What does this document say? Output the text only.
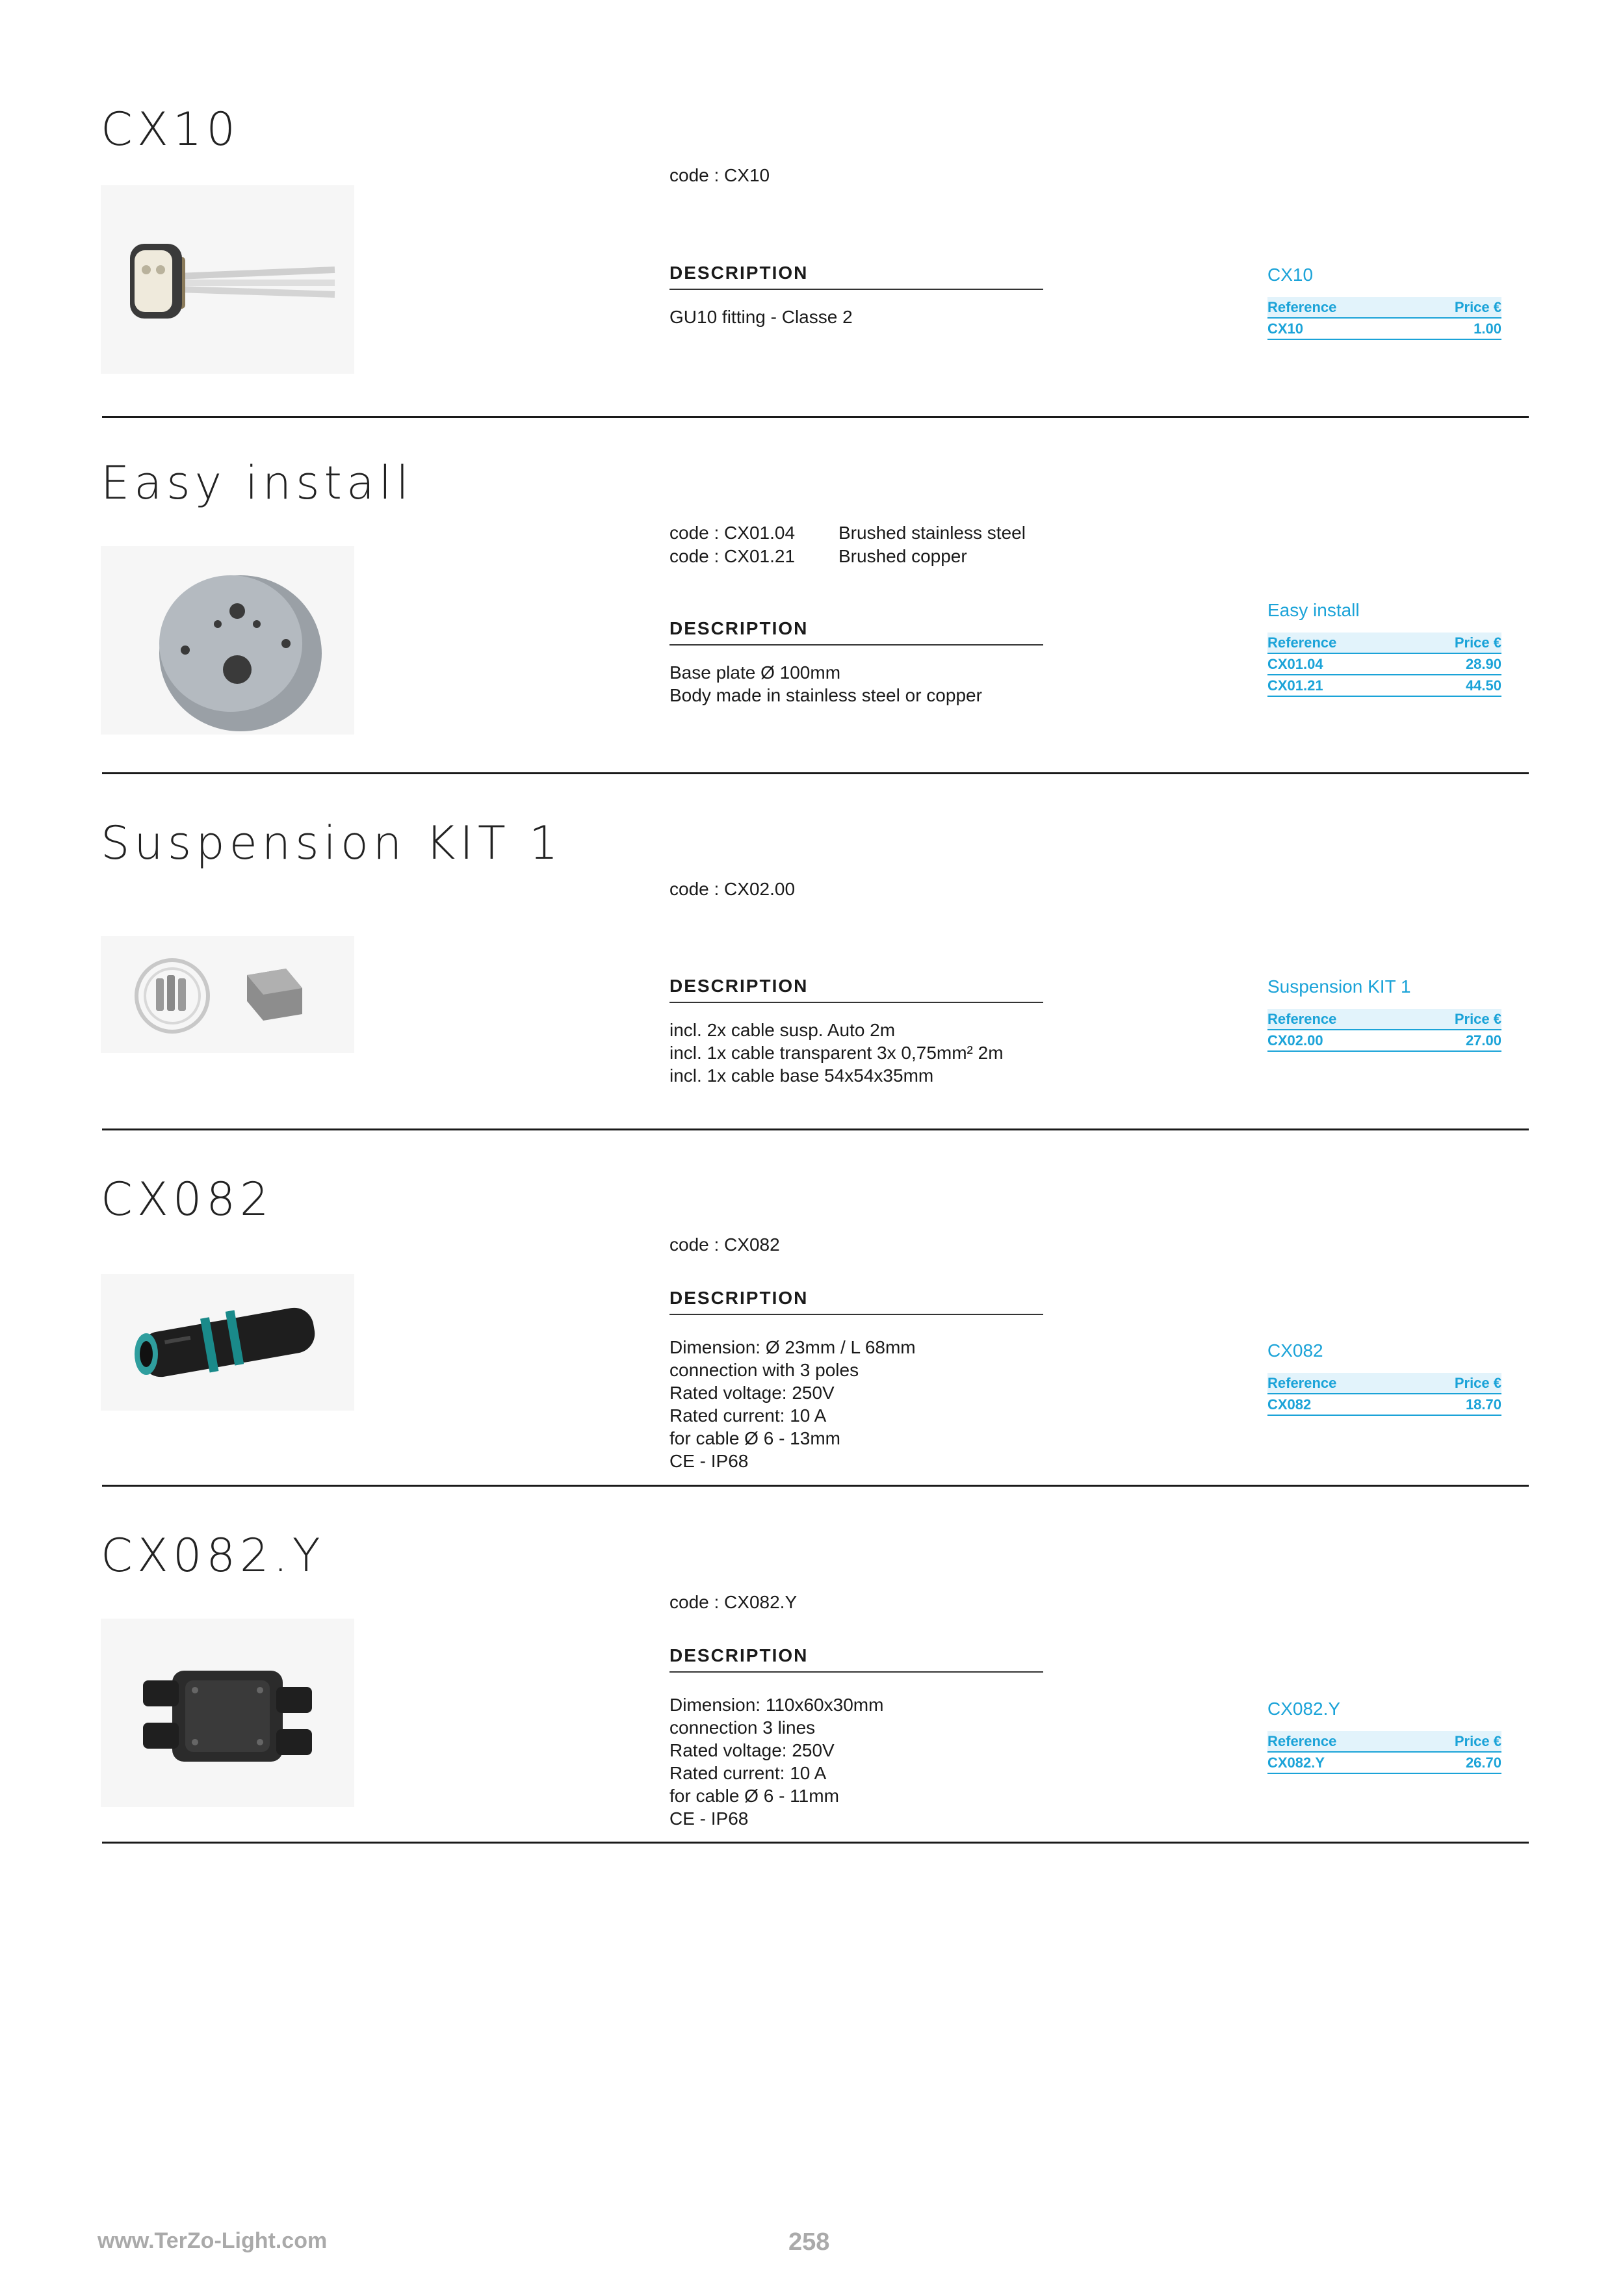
CX10
code : CX10
DESCRIPTION
GU10 fitting - Classe 2
CX10
Reference	Price €
CX10	1.00
Easy install
code : CX01.04	Brushed stainless steel
code : CX01.21	Brushed copper
DESCRIPTION
Base plate Ø 100mm
Body made in stainless steel or copper
Easy install
Reference	Price €
CX01.04	28.90
CX01.21	44.50
Suspension KIT 1
code : CX02.00
DESCRIPTION
incl. 2x cable susp. Auto 2m
incl. 1x cable transparent 3x 0,75mm² 2m
incl. 1x cable base 54x54x35mm
Suspension KIT 1
Reference	Price €
CX02.00	27.00
CX082
code : CX082
DESCRIPTION
Dimension: Ø 23mm / L 68mm
connection with 3 poles
Rated voltage: 250V
Rated current: 10 A
for cable Ø 6 - 13mm
CE - IP68
CX082
Reference	Price €
CX082	18.70
CX082.Y
code : CX082.Y
DESCRIPTION
Dimension: 110x60x30mm
connection 3 lines
Rated voltage: 250V
Rated current: 10 A
for cable Ø 6 - 11mm
CE - IP68
CX082.Y
Reference	Price €
CX082.Y	26.70
www.TerZo-Light.com	258
